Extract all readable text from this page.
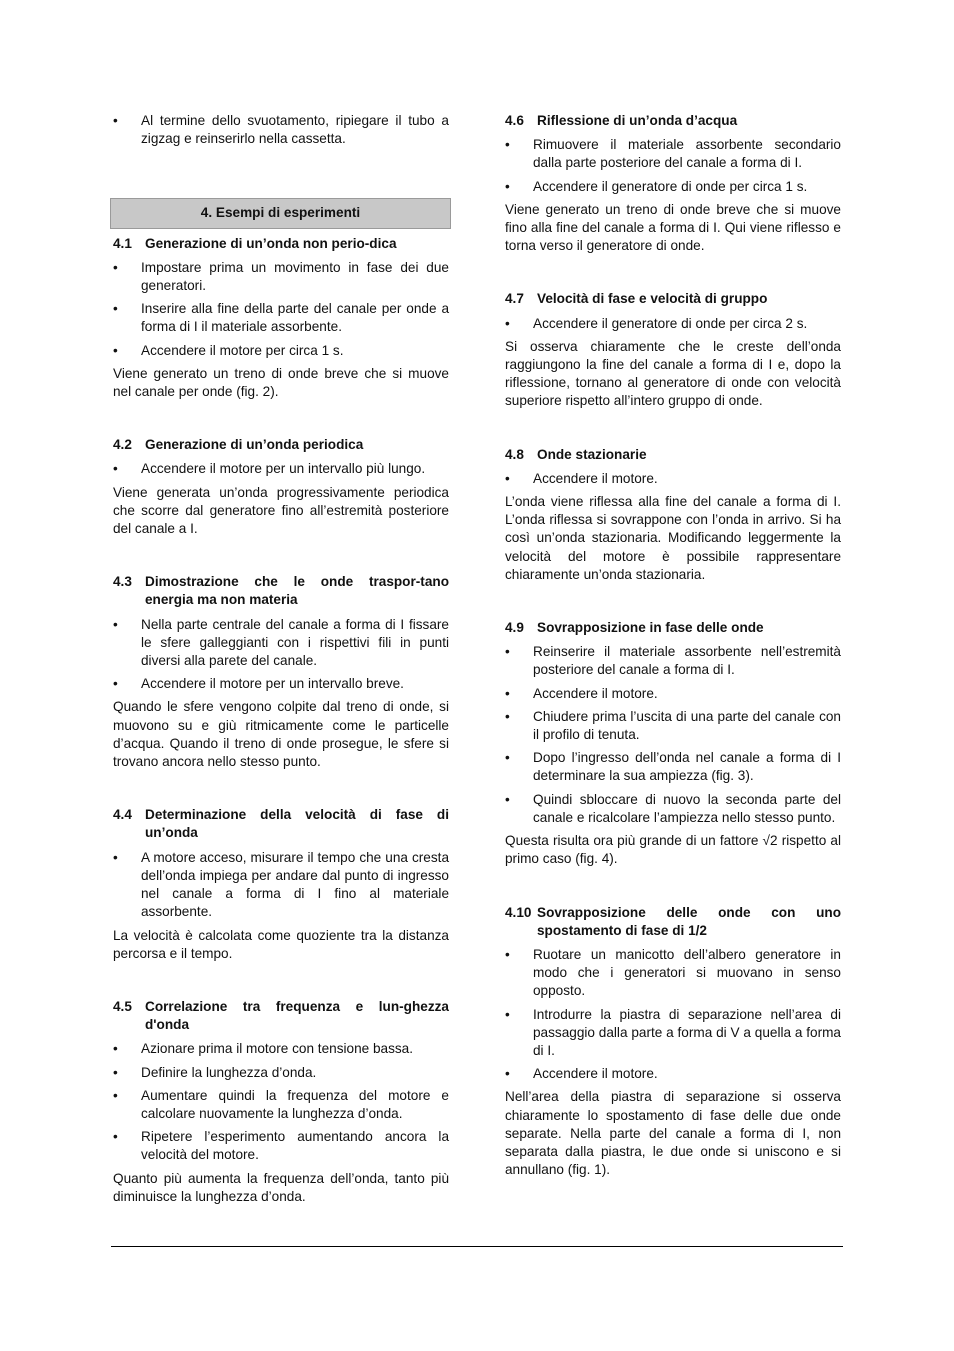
• Al termine dello svuotamento, ripiegare il tubo a zigzag e reinserirlo nella cassetta.
4. Esempi di esperimenti
4.1 Generazione di un’onda non perio-dica
• Impostare prima un movimento in fase dei due generatori.
• Inserire alla fine della parte del canale per onde a forma di I il materiale assorbente.
• Accendere il motore per circa 1 s.

Viene generato un treno di onde breve che si muove nel canale per onde (fig. 2).

4.2 Generazione di un’onda periodica
• Accendere il motore per un intervallo più lungo.

Viene generata un’onda progressivamente periodica che scorre dal generatore fino all’estremità posteriore del canale a I.

4.3 Dimostrazione che le onde traspor-tano energia ma non materia
• Nella parte centrale del canale a forma di I fissare le sfere galleggianti con i rispettivi fili in punti diversi alla parete del canale.
• Accendere il motore per un intervallo breve.

Quando le sfere vengono colpite dal treno di onde, si muovono su e giù ritmicamente come le particelle d’acqua. Quando il treno di onde prosegue, le sfere si trovano ancora nello stesso punto.

4.4 Determinazione della velocità di fase di un’onda
• A motore acceso, misurare il tempo che una cresta dell’onda impiega per andare dal punto di ingresso nel canale a forma di I fino al materiale assorbente.

La velocità è calcolata come quoziente tra la distanza percorsa e il tempo.

4.5 Correlazione tra frequenza e lun-ghezza d'onda
• Azionare prima il motore con tensione bassa.
• Definire la lunghezza d’onda.
• Aumentare quindi la frequenza del motore e calcolare nuovamente la lunghezza d’onda.
• Ripetere l’esperimento aumentando ancora la velocità del motore.

Quanto più aumenta la frequenza dell’onda, tanto più diminuisce la lunghezza d’onda.

4.6 Riflessione di un’onda d’acqua
• Rimuovere il materiale assorbente secondario dalla parte posteriore del canale a forma di I.
• Accendere il generatore di onde per circa 1 s.

Viene generato un treno di onde breve che si muove fino alla fine del canale a forma di I. Qui viene riflesso e torna verso il generatore di onde.

4.7 Velocità di fase e velocità di gruppo
• Accendere il generatore di onde per circa 2 s.

Si osserva chiaramente che le creste dell’onda raggiungono la fine del canale a forma di I e, dopo la riflessione, tornano al generatore di onde con velocità superiore rispetto all’intero gruppo di onde.

4.8 Onde stazionarie
• Accendere il motore.

L’onda viene riflessa alla fine del canale a forma di I. L’onda riflessa si sovrappone con l’onda in arrivo. Si ha così un’onda stazionaria. Modificando leggermente la velocità del motore è possibile rappresentare chiaramente un’onda stazionaria.

4.9 Sovrapposizione in fase delle onde
• Reinserire il materiale assorbente nell’estremità posteriore del canale a forma di I.
• Accendere il motore.
• Chiudere prima l’uscita di una parte del canale con il profilo di tenuta.
• Dopo l’ingresso dell’onda nel canale a forma di I determinare la sua ampiezza (fig. 3).
• Quindi sbloccare di nuovo la seconda parte del canale e ricalcolare l’ampiezza nello stesso punto.

Questa risulta ora più grande di un fattore √2 rispetto al primo caso (fig. 4).

4.10 Sovrapposizione delle onde con uno spostamento di fase di 1/2
• Ruotare un manicotto dell’albero generatore in modo che i generatori si muovano in senso opposto.
• Introdurre la piastra di separazione nell’area di passaggio dalla parte a forma di V a quella a forma di I.
• Accendere il motore.

Nell’area della piastra di separazione si osserva chiaramente lo spostamento di fase delle due onde separate. Nella parte del canale a forma di I, non separata dalla piastra, le due onde si uniscono e si annullano (fig. 1).
